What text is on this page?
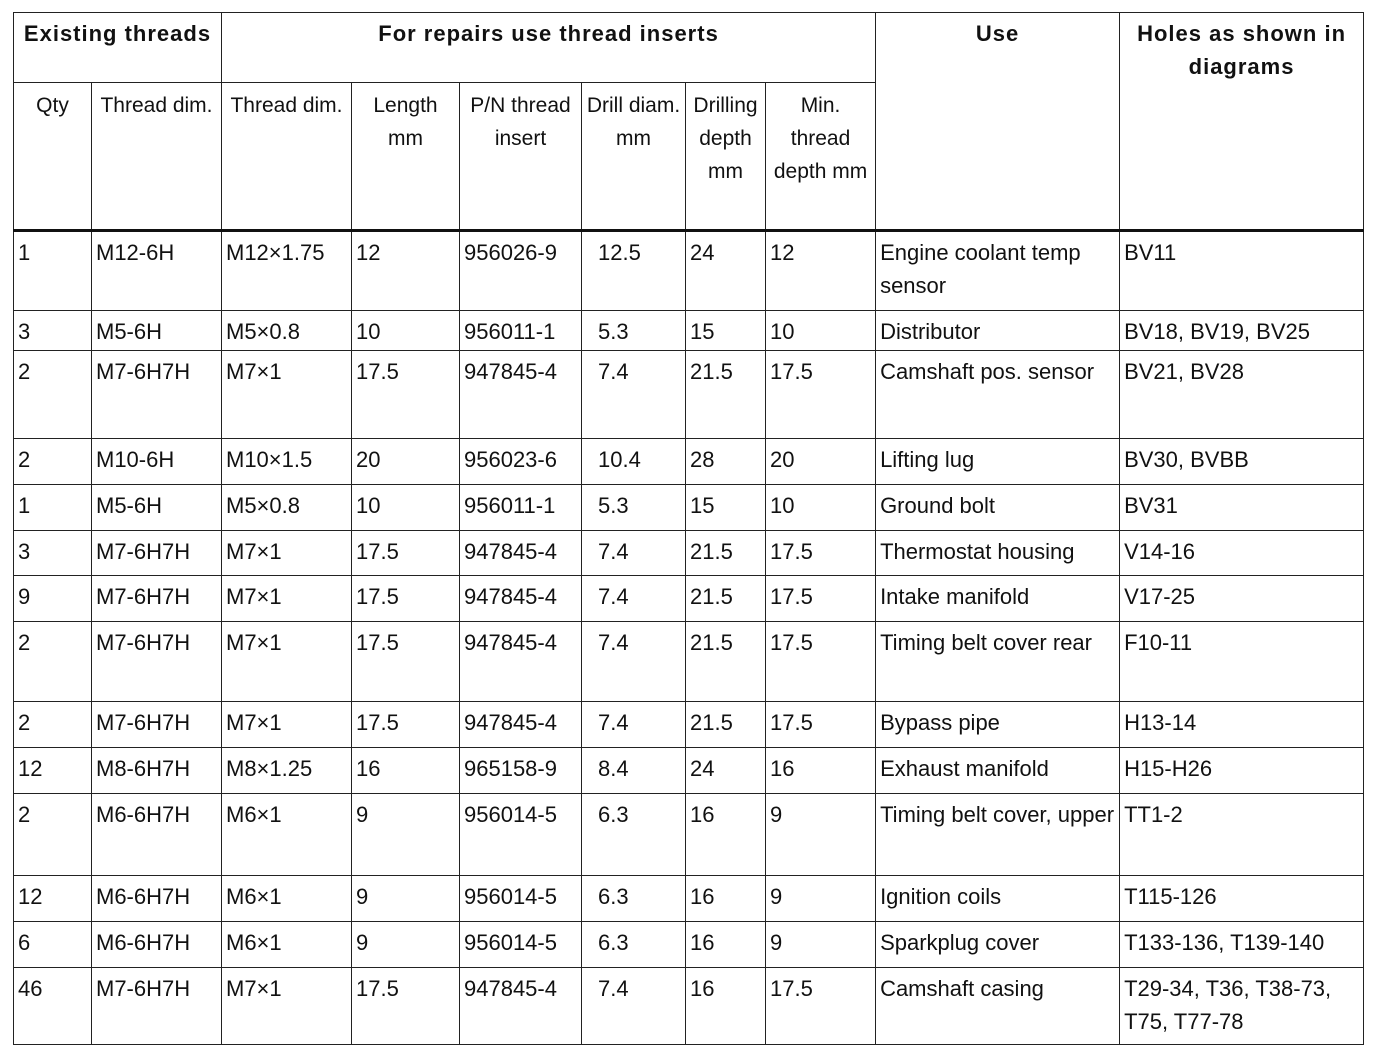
Existing threads		For repairs use thread inserts						Use	Holes as shown in diagrams
Qty	Thread dim.	Thread dim.	Length mm	P/N thread insert	Drill diam. mm	Drilling depth mm	Min. thread depth mm		
1	M12-6H	M12×1.75	12	956026-9	12.5	24	12	Engine coolant temp sensor	BV11
3	M5-6H	M5×0.8	10	956011-1	5.3	15	10	Distributor	BV18, BV19, BV25
2	M7-6H7H	M7×1	17.5	947845-4	7.4	21.5	17.5	Camshaft pos. sensor	BV21, BV28
2	M10-6H	M10×1.5	20	956023-6	10.4	28	20	Lifting lug	BV30, BVBB
1	M5-6H	M5×0.8	10	956011-1	5.3	15	10	Ground bolt	BV31
3	M7-6H7H	M7×1	17.5	947845-4	7.4	21.5	17.5	Thermostat housing	V14-16
9	M7-6H7H	M7×1	17.5	947845-4	7.4	21.5	17.5	Intake manifold	V17-25
2	M7-6H7H	M7×1	17.5	947845-4	7.4	21.5	17.5	Timing belt cover rear	F10-11
2	M7-6H7H	M7×1	17.5	947845-4	7.4	21.5	17.5	Bypass pipe	H13-14
12	M8-6H7H	M8×1.25	16	965158-9	8.4	24	16	Exhaust manifold	H15-H26
2	M6-6H7H	M6×1	9	956014-5	6.3	16	9	Timing belt cover, upper	TT1-2
12	M6-6H7H	M6×1	9	956014-5	6.3	16	9	Ignition coils	T115-126
6	M6-6H7H	M6×1	9	956014-5	6.3	16	9	Sparkplug cover	T133-136, T139-140
46	M7-6H7H	M7×1	17.5	947845-4	7.4	16	17.5	Camshaft casing	T29-34, T36, T38-73, T75, T77-78
